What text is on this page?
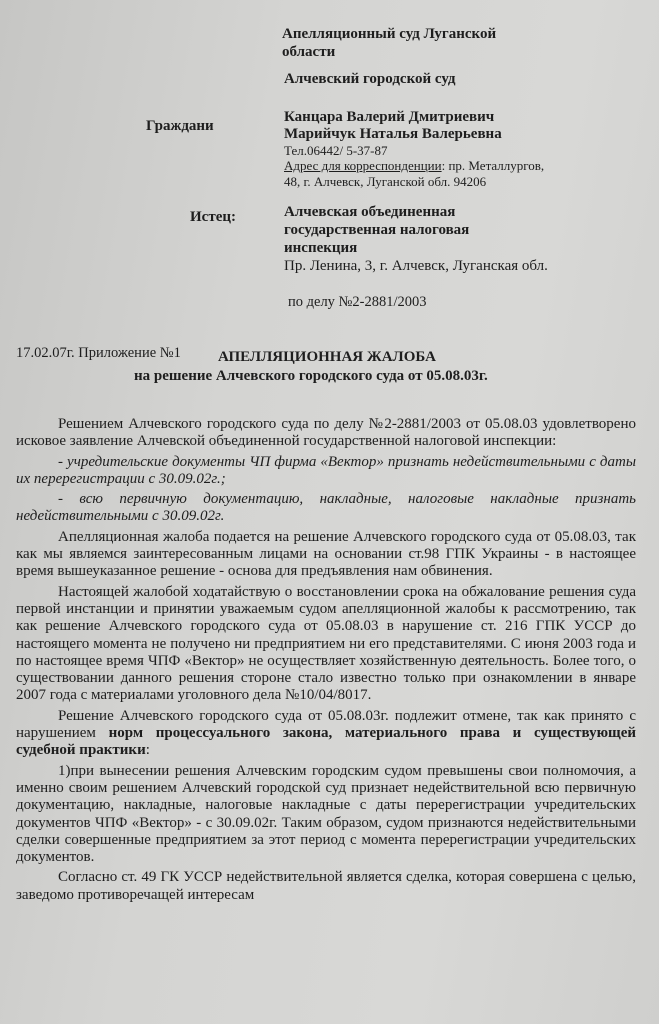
Апелляционный суд Луганской
области
Алчевский городской суд
Граждани
Канцара Валерий Дмитриевич
Марийчук Наталья Валерьевна
Тел.06442/ 5-37-87
Адрес для корреспонденции: пр. Металлургов,
48, г. Алчевск, Луганской обл. 94206
Истец:	Алчевская объединенная
государственная налоговая
инспекция
Пр. Ленина, 3, г. Алчевск, Луганская обл.
по делу №2-2881/2003
17.02.07г. Приложение №1 АПЕЛЛЯЦИОННАЯ ЖАЛОБА
на решение Алчевского городского суда от 05.08.03г.

Решением Алчевского городского суда по делу №2-2881/2003 от 05.08.03 удовлетворено исковое заявление Алчевской объединенной государственной налоговой инспекции:

- учредительские документы ЧП фирма «Вектор» признать недействительными с даты их перерегистрации с 30.09.02г.;

- всю первичную документацию, накладные, налоговые накладные признать недействительными с 30.09.02г.

Апелляционная жалоба подается на решение Алчевского городского суда от 05.08.03, так как мы являемся заинтересованным лицами на основании ст.98 ГПК Украины - в настоящее время вышеуказанное решение - основа для предъявления нам обвинения.

Настоящей жалобой ходатайствую о восстановлении срока на обжалование решения суда первой инстанции и принятии уважаемым судом апелляционной жалобы к рассмотрению, так как решение Алчевского городского суда от 05.08.03 в нарушение ст. 216 ГПК УССР до настоящего момента не получено ни предприятием ни его представителями. С июня 2003 года и по настоящее время ЧПФ «Вектор» не осуществляет хозяйственную деятельность. Более того, о существовании данного решения стороне стало известно только при ознакомлении в январе 2007 года с материалами уголовного дела №10/04/8017.

Решение Алчевского городского суда от 05.08.03г. подлежит отмене, так как принято с нарушением норм процессуального закона, материального права и существующей судебной практики:

1)при вынесении решения Алчевским городским судом превышены свои полномочия, а именно своим решением Алчевский городской суд признает недействительной всю первичную документацию, накладные, налоговые накладные с даты перерегистрации учредительских документов ЧПФ «Вектор» - с 30.09.02г. Таким образом, судом признаются недействительными сделки совершенные предприятием за этот период с момента перерегистрации учредительских документов.

Согласно ст. 49 ГК УССР недействительной является сделка, которая совершена с целью, заведомо противоречащей интересам
